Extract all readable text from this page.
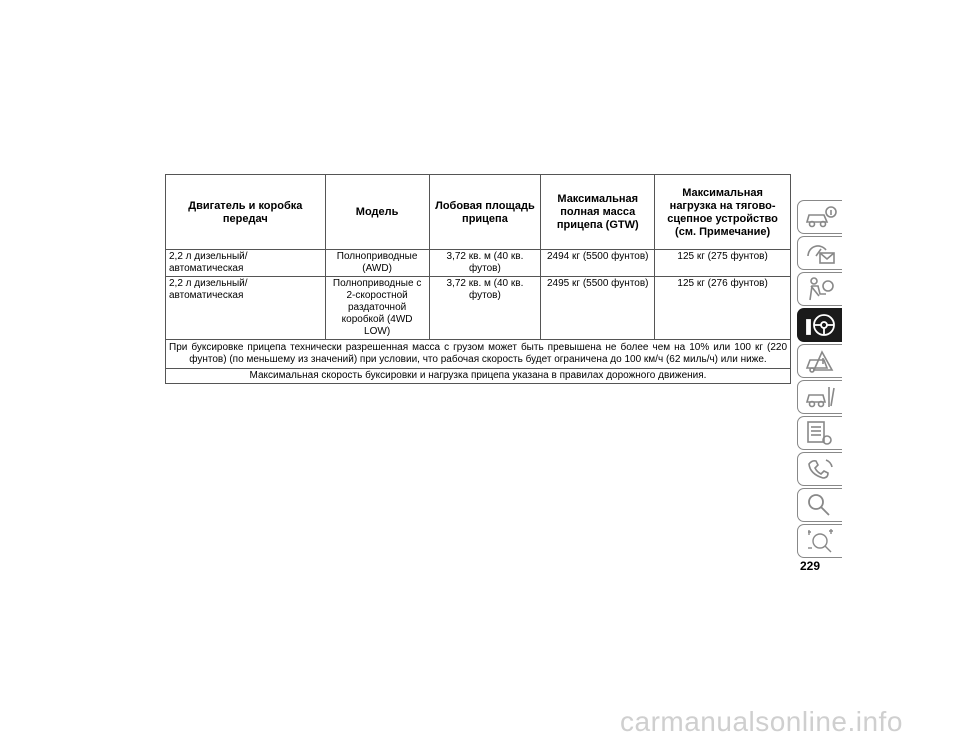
Двигатель и коробка передач	Модель	Лобовая площадь прицепа	Максимальная полная масса прицепа (GTW)	Максимальная нагрузка на тягово-сцепное устройство (см. Примечание)
2,2 л дизельный/ автоматическая	Полноприводные (AWD)	3,72 кв. м (40 кв. футов)	2494 кг (5500 фунтов)	125 кг (275 фунтов)
2,2 л дизельный/ автоматическая	Полноприводные с 2-скоростной раздаточной коробкой (4WD LOW)	3,72 кв. м (40 кв. футов)	2495 кг (5500 фунтов)	125 кг (276 фунтов)
При буксировке прицепа технически разрешенная масса с грузом может быть превышена не более чем на 10% или 100 кг (220 фунтов) (по меньшему из значений) при условии, что рабочая скорость будет ограничена до 100 км/ч (62 миль/ч) или ниже.				
Максимальная скорость буксировки и нагрузка прицепа указана в правилах дорожного движения.				
229
carmanualsonline.info
